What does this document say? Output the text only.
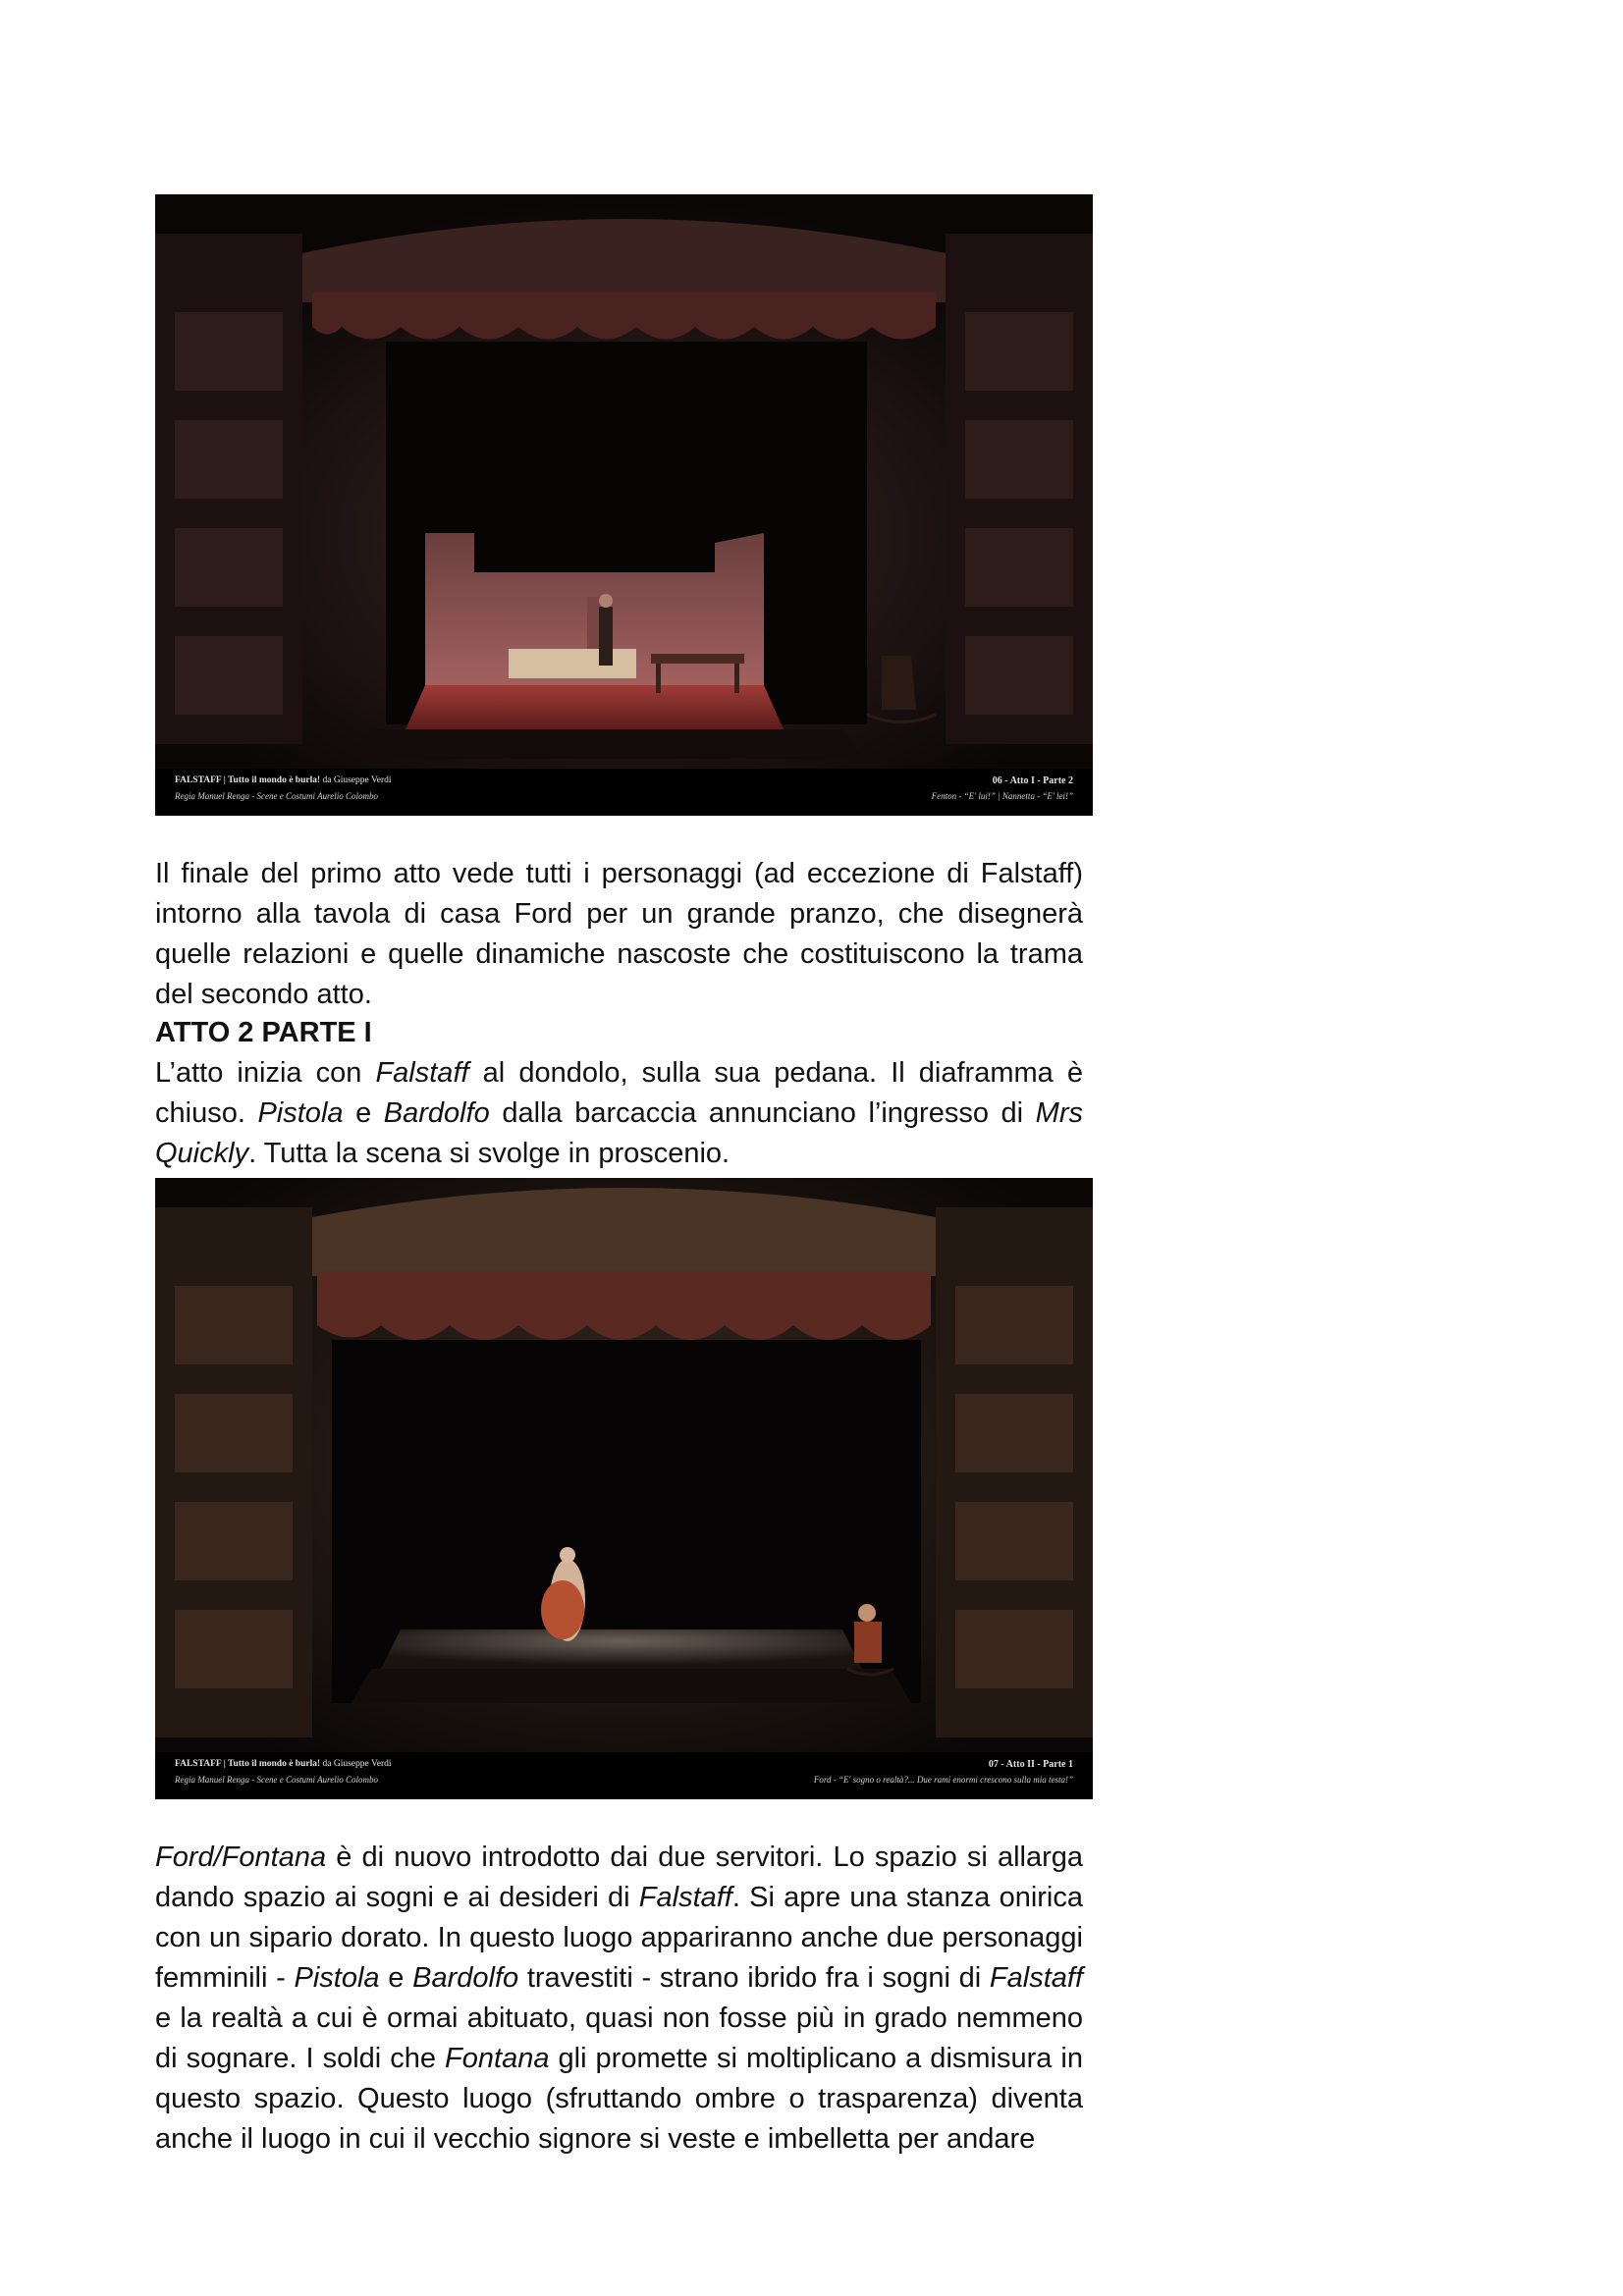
FALSTAFF | Tutto il mondo è burla! da Giuseppe Verdi
Regia Manuel Renga - Scene e Costumi Aurelio Colombo
06 - Atto I - Parte 2
Fenton - “E' lui!” | Nannetta - “E' lei!”

Il finale del primo atto vede tutti i personaggi (ad eccezione di Falstaff) intorno alla tavola di casa Ford per un grande pranzo, che disegnerà quelle relazioni e quelle dinamiche nascoste che costituiscono la trama del secondo atto.

ATTO 2 PARTE I

L’atto inizia con Falstaff al dondolo, sulla sua pedana. Il diaframma è chiuso. Pistola e Bardolfo dalla barcaccia annunciano l’ingresso di Mrs Quickly. Tutta la scena si svolge in proscenio.

FALSTAFF | Tutto il mondo è burla! da Giuseppe Verdi
Regia Manuel Renga - Scene e Costumi Aurelio Colombo
07 - Atto II - Parte 1
Ford - “E' sogno o realtà?... Due rami enormi crescono sulla mia testa!”

Ford/Fontana è di nuovo introdotto dai due servitori. Lo spazio si allarga dando spazio ai sogni e ai desideri di Falstaff. Si apre una stanza onirica con un sipario dorato. In questo luogo appariranno anche due personaggi femminili - Pistola e Bardolfo travestiti - strano ibrido fra i sogni di Falstaff e la realtà a cui è ormai abituato, quasi non fosse più in grado nemmeno di sognare. I soldi che Fontana gli promette si moltiplicano a dismisura in questo spazio. Questo luogo (sfruttando ombre o trasparenza) diventa anche il luogo in cui il vecchio signore si veste e imbelletta per andare
